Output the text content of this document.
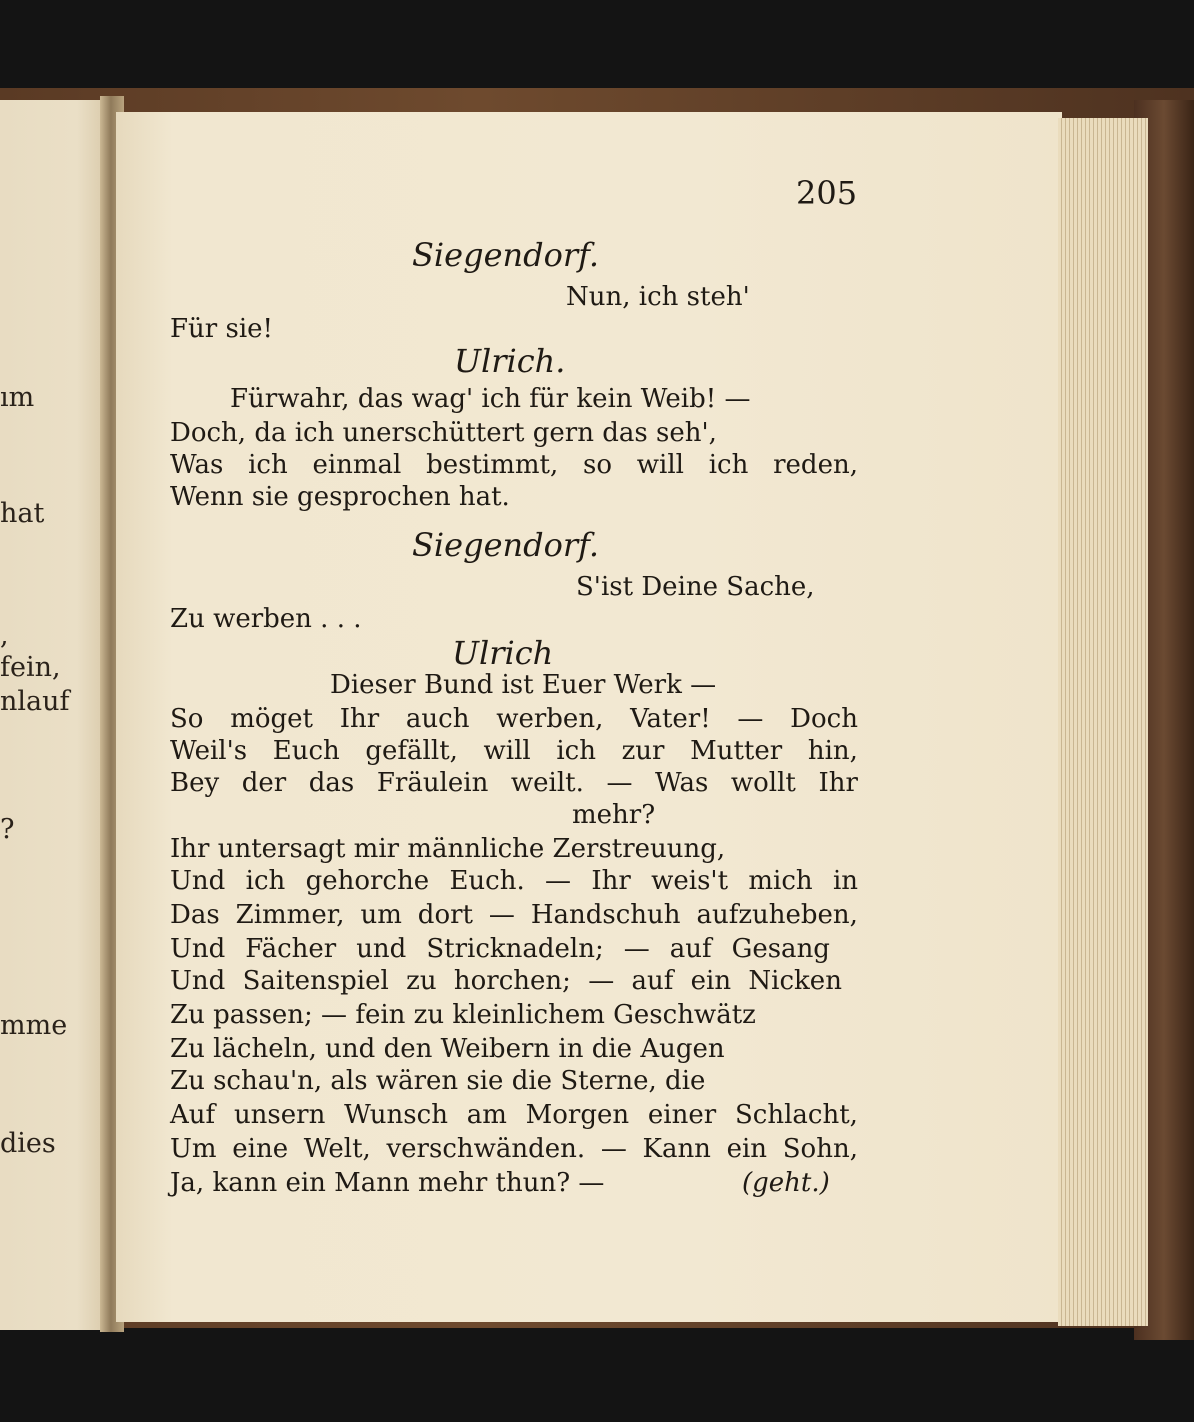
ım
hat
,
fein,
nlauf
?
mme
dies
205
Siegendorf.
Nun, ich steh'
Für sie!
Ulrich.
Fürwahr, das wag' ich für kein Weib! —
Doch, da ich unerschüttert gern das seh',
Was ich einmal bestimmt, so will ich reden,
Wenn sie gesprochen hat.
Siegendorf.
S'ist Deine Sache,
Zu werben . . .
Ulrich
Dieser Bund ist Euer Werk —
So möget Ihr auch werben, Vater! — Doch
Weil's Euch gefällt, will ich zur Mutter hin,
Bey der das Fräulein weilt. — Was wollt Ihr
mehr?
Ihr untersagt mir männliche Zerstreuung,
Und ich gehorche Euch. — Ihr weis't mich in
Das Zimmer, um dort — Handschuh aufzuheben,
Und Fächer und Stricknadeln; — auf Gesang
Und Saitenspiel zu horchen; — auf ein Nicken
Zu passen; — fein zu kleinlichem Geschwätz
Zu lächeln, und den Weibern in die Augen
Zu schau'n, als wären sie die Sterne, die
Auf unsern Wunsch am Morgen einer Schlacht,
Um eine Welt, verschwänden. — Kann ein Sohn,
Ja, kann ein Mann mehr thun? —	(geht.)
